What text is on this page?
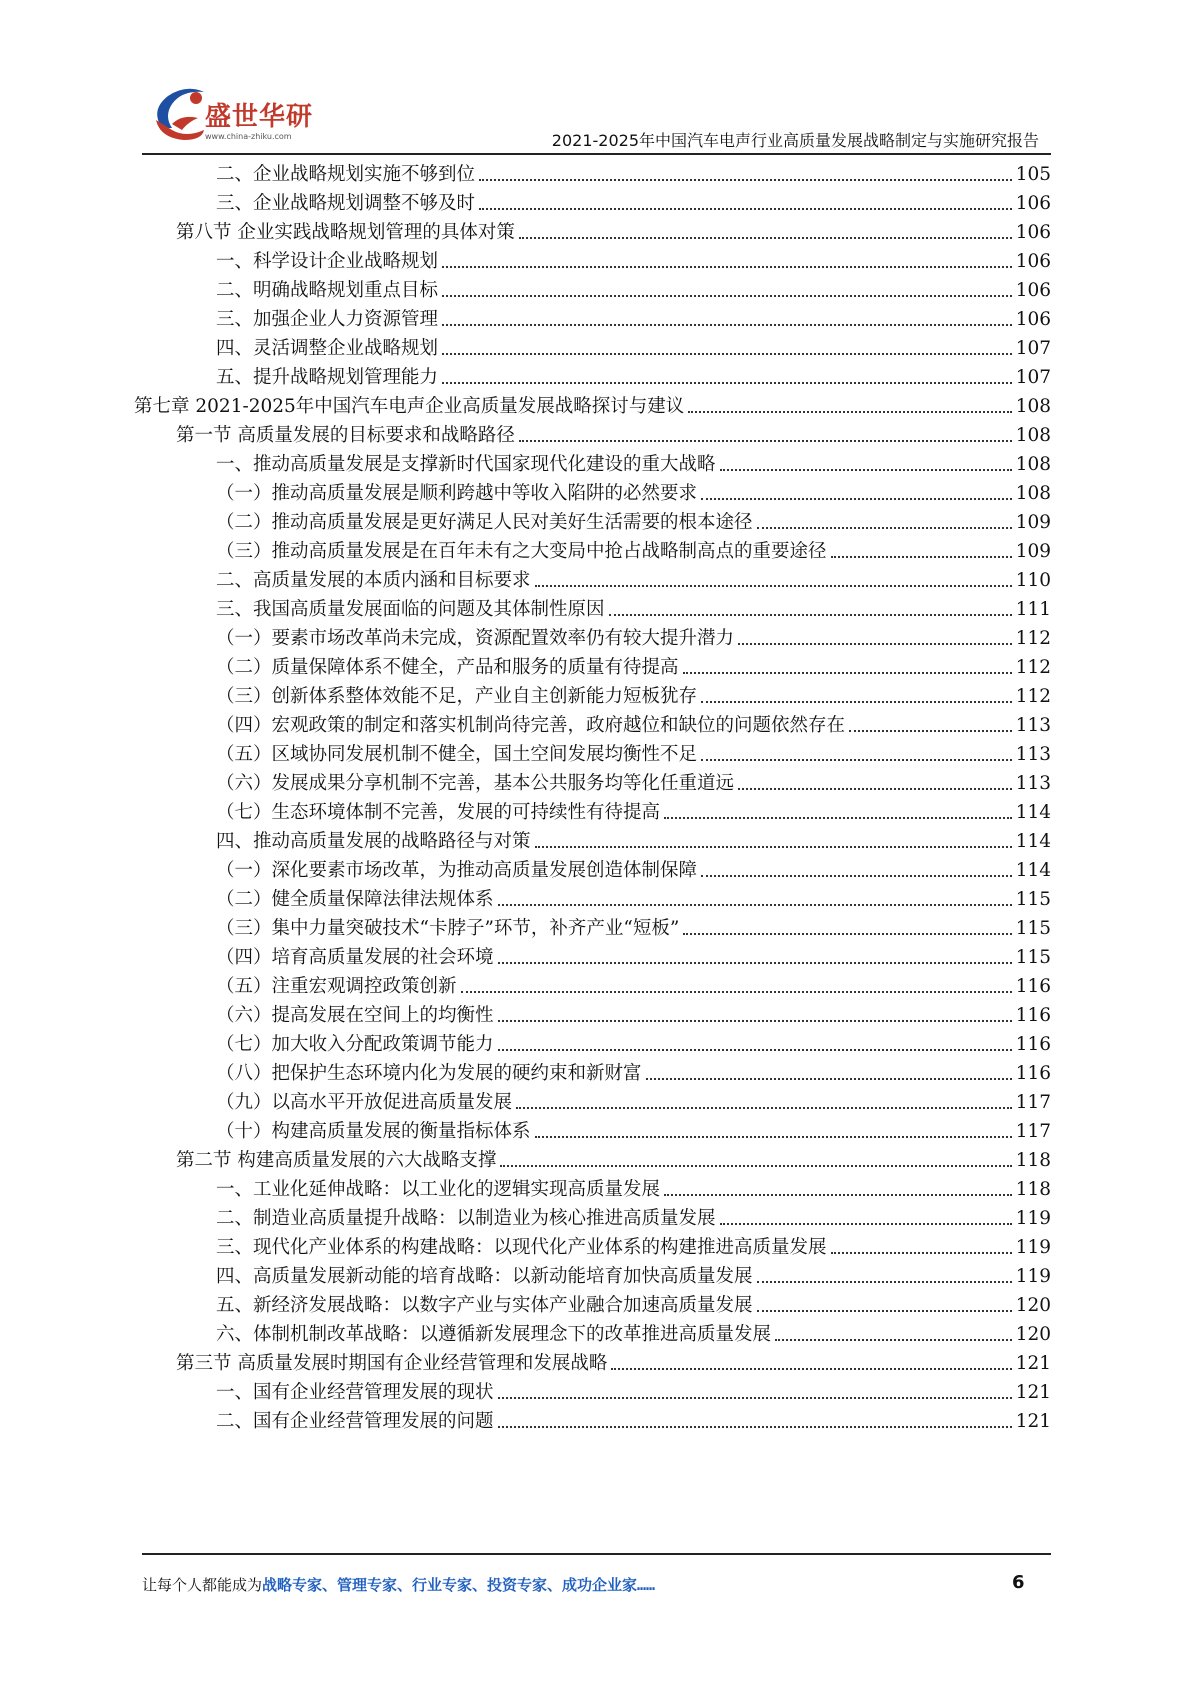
盛世华研
www.china-zhiku.com	2021-2025年中国汽车电声行业高质量发展战略制定与实施研究报告
二、企业战略规划实施不够到位	105
三、企业战略规划调整不够及时	106
第八节 企业实践战略规划管理的具体对策	106
一、科学设计企业战略规划	106
二、明确战略规划重点目标	106
三、加强企业人力资源管理	106
四、灵活调整企业战略规划	107
五、提升战略规划管理能力	107
第七章 2021-2025年中国汽车电声企业高质量发展战略探讨与建议	108
第一节 高质量发展的目标要求和战略路径	108
一、推动高质量发展是支撑新时代国家现代化建设的重大战略	108
（一）推动高质量发展是顺利跨越中等收入陷阱的必然要求	108
（二）推动高质量发展是更好满足人民对美好生活需要的根本途径	109
（三）推动高质量发展是在百年未有之大变局中抢占战略制高点的重要途径	109
二、高质量发展的本质内涵和目标要求	110
三、我国高质量发展面临的问题及其体制性原因	111
（一）要素市场改革尚未完成，资源配置效率仍有较大提升潜力	112
（二）质量保障体系不健全，产品和服务的质量有待提高	112
（三）创新体系整体效能不足，产业自主创新能力短板犹存	112
（四）宏观政策的制定和落实机制尚待完善，政府越位和缺位的问题依然存在	113
（五）区域协同发展机制不健全，国土空间发展均衡性不足	113
（六）发展成果分享机制不完善，基本公共服务均等化任重道远	113
（七）生态环境体制不完善，发展的可持续性有待提高	114
四、推动高质量发展的战略路径与对策	114
（一）深化要素市场改革，为推动高质量发展创造体制保障	114
（二）健全质量保障法律法规体系	115
（三）集中力量突破技术“卡脖子”环节，补齐产业“短板”	115
（四）培育高质量发展的社会环境	115
（五）注重宏观调控政策创新	116
（六）提高发展在空间上的均衡性	116
（七）加大收入分配政策调节能力	116
（八）把保护生态环境内化为发展的硬约束和新财富	116
（九）以高水平开放促进高质量发展	117
（十）构建高质量发展的衡量指标体系	117
第二节 构建高质量发展的六大战略支撑	118
一、工业化延伸战略：以工业化的逻辑实现高质量发展	118
二、制造业高质量提升战略：以制造业为核心推进高质量发展	119
三、现代化产业体系的构建战略：以现代化产业体系的构建推进高质量发展	119
四、高质量发展新动能的培育战略：以新动能培育加快高质量发展	119
五、新经济发展战略：以数字产业与实体产业融合加速高质量发展	120
六、体制机制改革战略：以遵循新发展理念下的改革推进高质量发展	120
第三节 高质量发展时期国有企业经营管理和发展战略	121
一、国有企业经营管理发展的现状	121
二、国有企业经营管理发展的问题	121
让每个人都能成为战略专家、管理专家、行业专家、投资专家、成功企业家……	6
